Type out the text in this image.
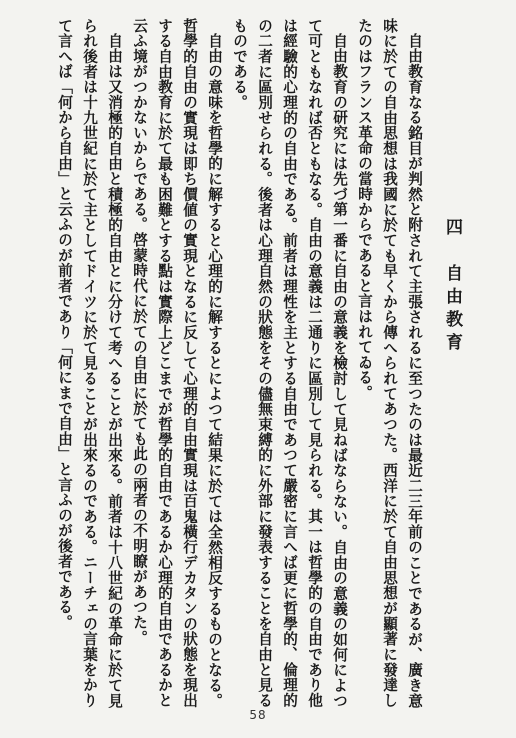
四　自由教育

自由教育なる銘目が判然と附されて主張されるに至つたのは最近二三年前のことであるが、廣き意味に於ての自由思想は我國に於ても早くから傳へられてあつた。西洋に於て自由思想が顯著に發達したのはフランス革命の當時からであると言はれてゐる。

自由教育の研究には先づ第一番に自由の意義を檢討して見ねばならない。自由の意義の如何によつて可ともなれば否ともなる。自由の意義は二通りに區別して見られる。其一は哲學的の自由であり他は經驗的心理的の自由である。前者は理性を主とする自由であつて嚴密に言へば更に哲學的、倫理的の二者に區別せられる。後者は心理自然の狀態をその儘無束縛的に外部に發表することを自由と見るものである。

自由の意味を哲學的に解すると心理的に解するとによつて結果に於ては全然相反するものとなる。哲學的自由の實現は即ち價値の實現となるに反して心理的自由實現は百鬼橫行デカタンの狀態を現出する自由教育に於て最も困難とする點は實際上どこまでが哲學的自由であるか心理的自由であるかと云ふ境がつかないからである。啓蒙時代に於ての自由に於ても此の兩者の不明瞭があつた。

自由は又消極的自由と積極的自由とに分けて考へることが出來る。前者は十八世紀の革命に於て見られ後者は十九世紀に於て主としてドイツに於て見ることが出來るのである。ニーチェの言葉をかりて言へば「何から自由」と云ふのが前者であり「何にまで自由」と言ふのが後者である。

58
